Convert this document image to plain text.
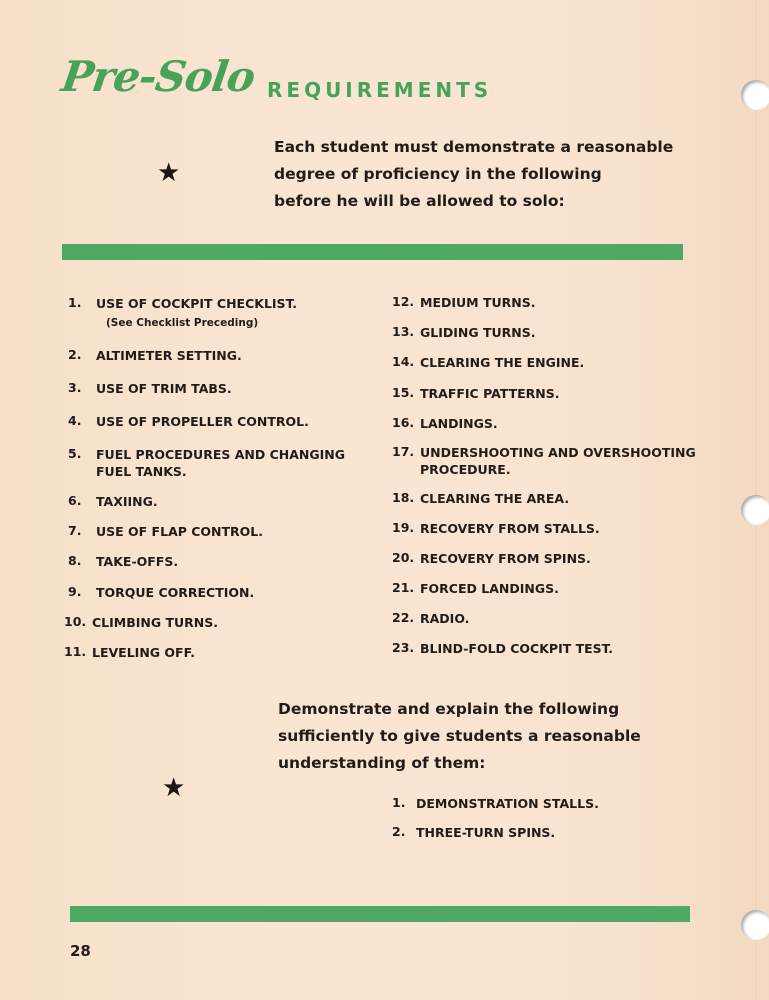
Pre-Solo REQUIREMENTS
★
Each student must demonstrate a reasonable
degree of proficiency in the following
before he will be allowed to solo:
1.	USE OF COCKPIT CHECKLIST.
(See Checklist Preceding)
2.	ALTIMETER SETTING.
3.	USE OF TRIM TABS.
4.	USE OF PROPELLER CONTROL.
5.	FUEL PROCEDURES AND CHANGING
FUEL TANKS.
6.	TAXIING.
7.	USE OF FLAP CONTROL.
8.	TAKE-OFFS.
9.	TORQUE CORRECTION.
10. CLIMBING TURNS.
11. LEVELING OFF.
12. MEDIUM TURNS.
13. GLIDING TURNS.
14. CLEARING THE ENGINE.
15. TRAFFIC PATTERNS.
16. LANDINGS.
17. UNDERSHOOTING AND OVERSHOOTING
PROCEDURE.
18. CLEARING THE AREA.
19. RECOVERY FROM STALLS.
20. RECOVERY FROM SPINS.
21. FORCED LANDINGS.
22. RADIO.
23. BLIND-FOLD COCKPIT TEST.
Demonstrate and explain the following
sufficiently to give students a reasonable
understanding of them:
★	1. DEMONSTRATION STALLS.
2. THREE-TURN SPINS.
28
